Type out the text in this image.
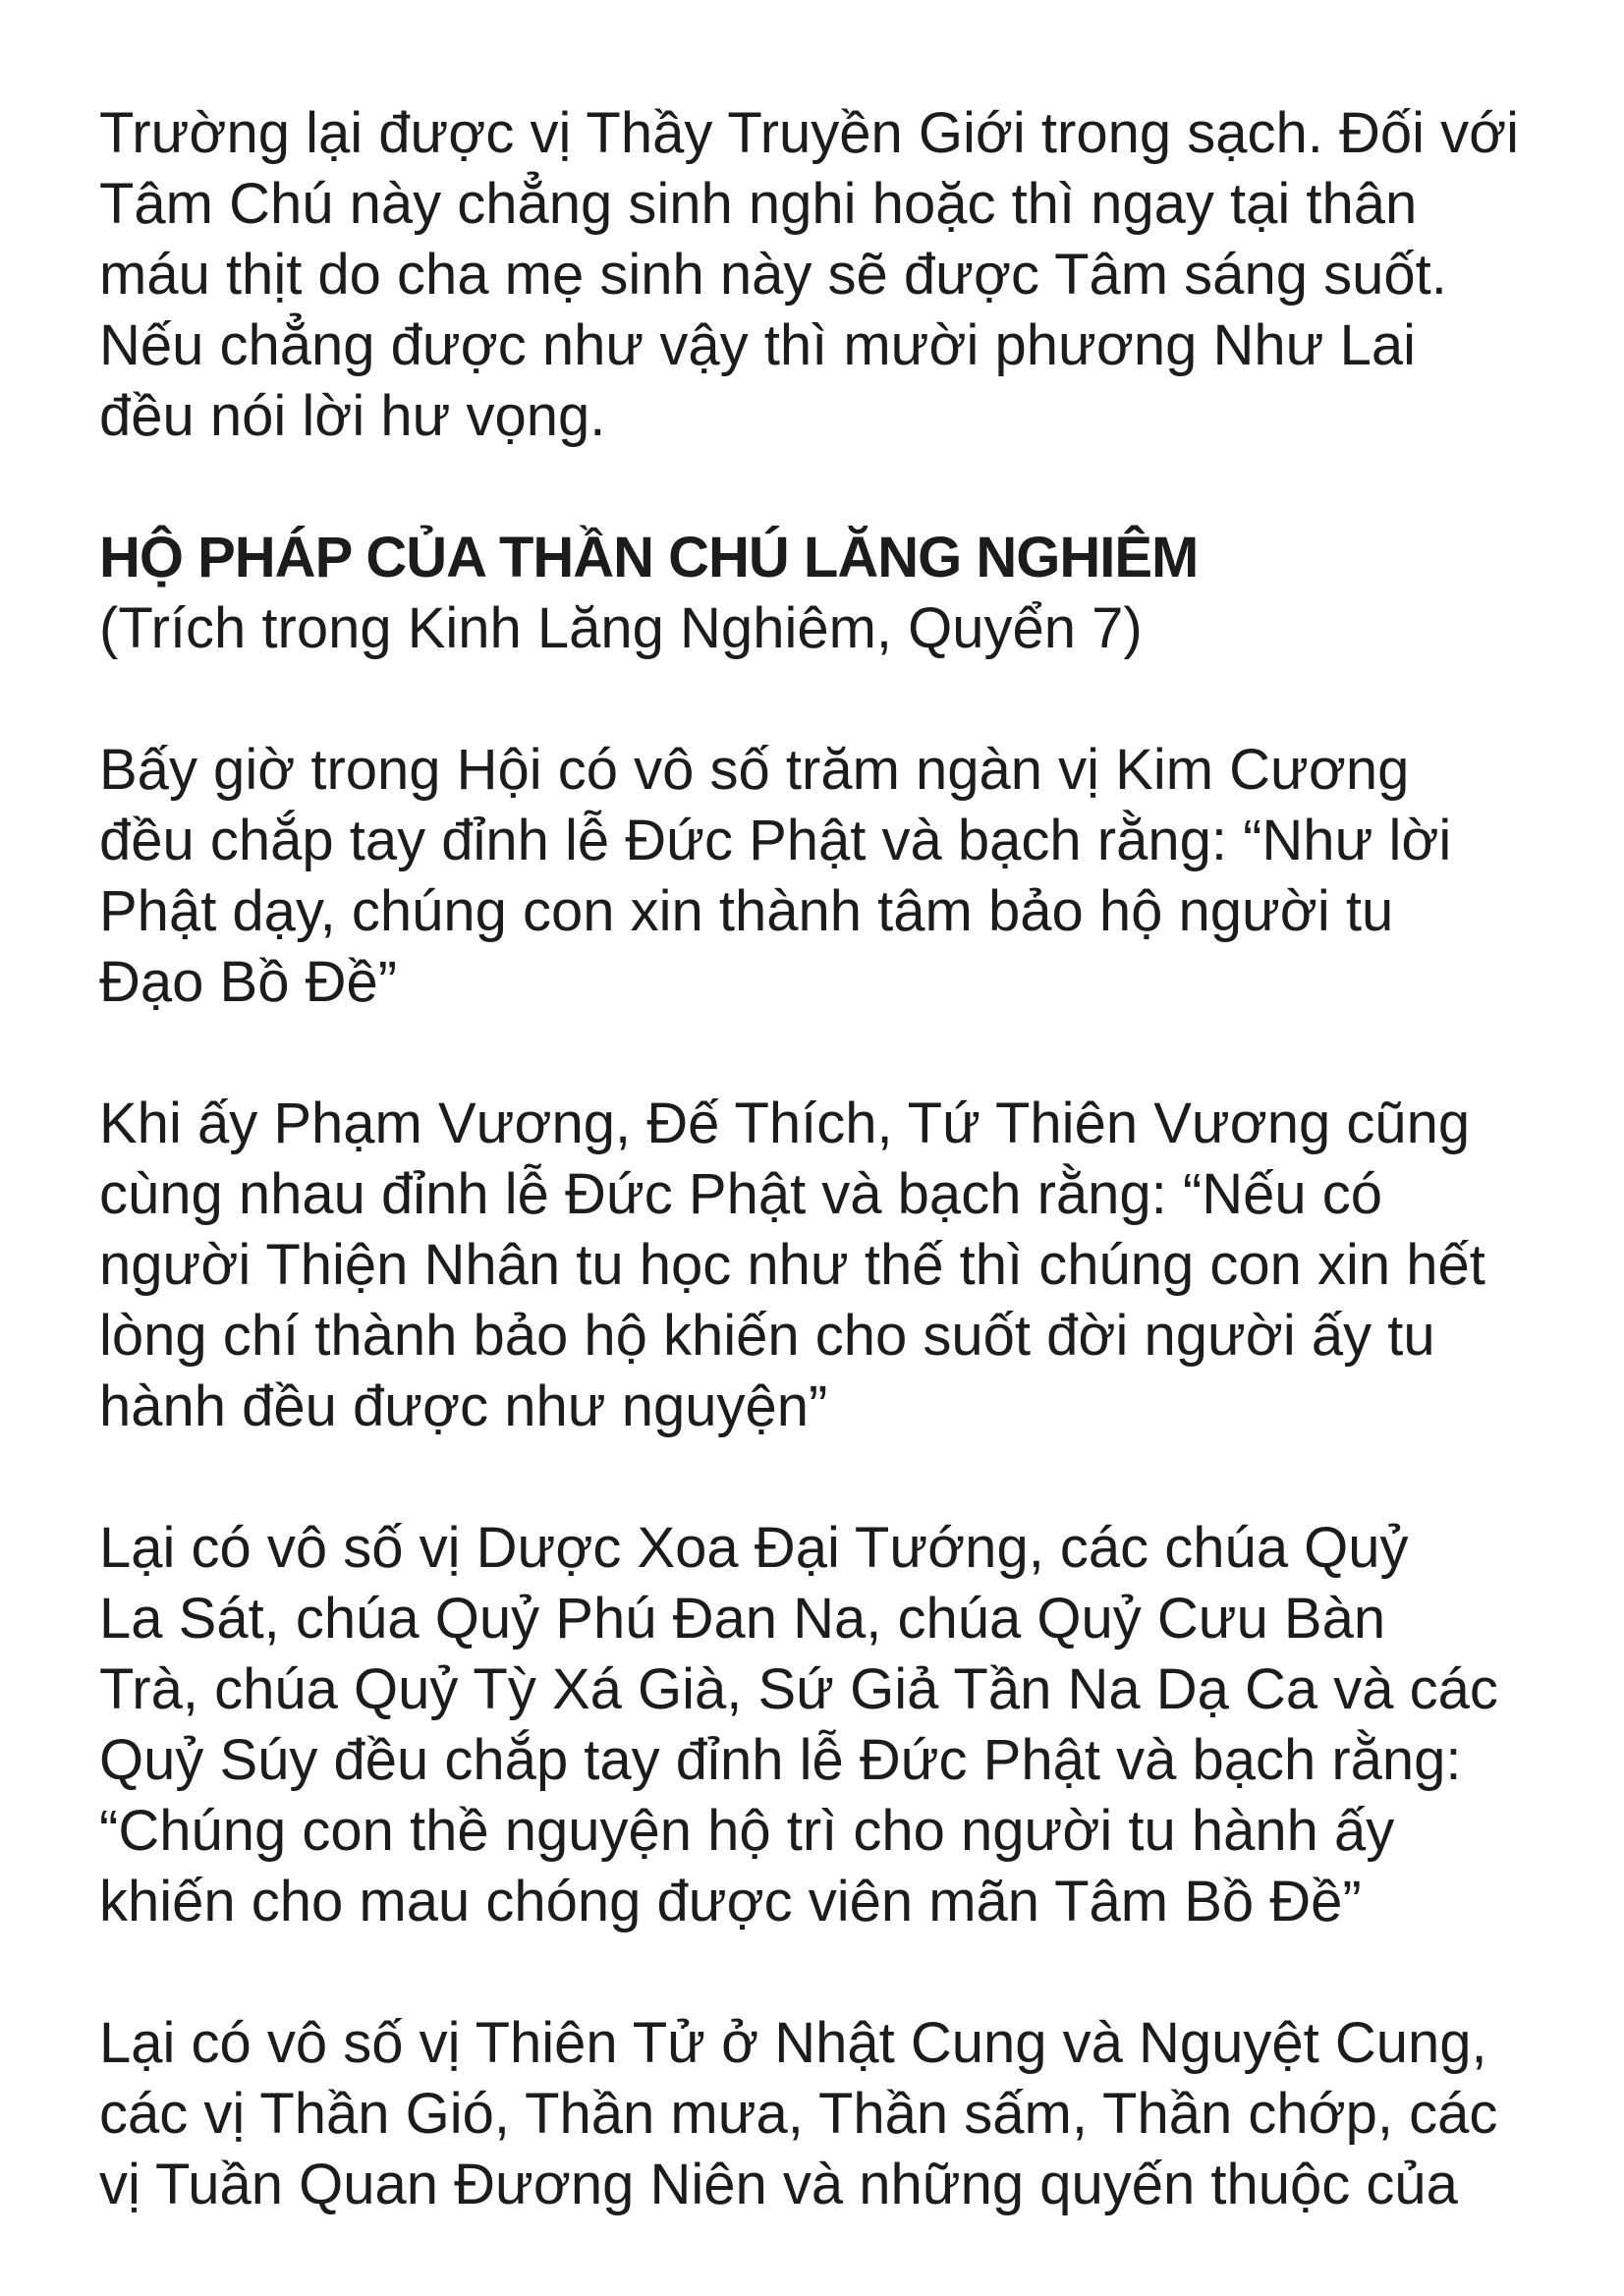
Trường lại được vị Thầy Truyền Giới trong sạch. Đối với
Tâm Chú này chẳng sinh nghi hoặc thì ngay tại thân
máu thịt do cha mẹ sinh này sẽ được Tâm sáng suốt.
Nếu chẳng được như vậy thì mười phương Như Lai
đều nói lời hư vọng.
HỘ PHÁP CỦA THẦN CHÚ LĂNG NGHIÊM
(Trích trong Kinh Lăng Nghiêm, Quyển 7)
Bấy giờ trong Hội có vô số trăm ngàn vị Kim Cương
đều chắp tay đỉnh lễ Đức Phật và bạch rằng: “Như lời
Phật dạy, chúng con xin thành tâm bảo hộ người tu
Đạo Bồ Đề”
Khi ấy Phạm Vương, Đế Thích, Tứ Thiên Vương cũng
cùng nhau đỉnh lễ Đức Phật và bạch rằng: “Nếu có
người Thiện Nhân tu học như thế thì chúng con xin hết
lòng chí thành bảo hộ khiến cho suốt đời người ấy tu
hành đều được như nguyện”
Lại có vô số vị Dược Xoa Đại Tướng, các chúa Quỷ
La Sát, chúa Quỷ Phú Đan Na, chúa Quỷ Cưu Bàn
Trà, chúa Quỷ Tỳ Xá Già, Sứ Giả Tần Na Dạ Ca và các
Quỷ Súy đều chắp tay đỉnh lễ Đức Phật và bạch rằng:
“Chúng con thề nguyện hộ trì cho người tu hành ấy
khiến cho mau chóng được viên mãn Tâm Bồ Đề”
Lại có vô số vị Thiên Tử ở Nhật Cung và Nguyệt Cung,
các vị Thần Gió, Thần mưa, Thần sấm, Thần chớp, các
vị Tuần Quan Đương Niên và những quyến thuộc của
